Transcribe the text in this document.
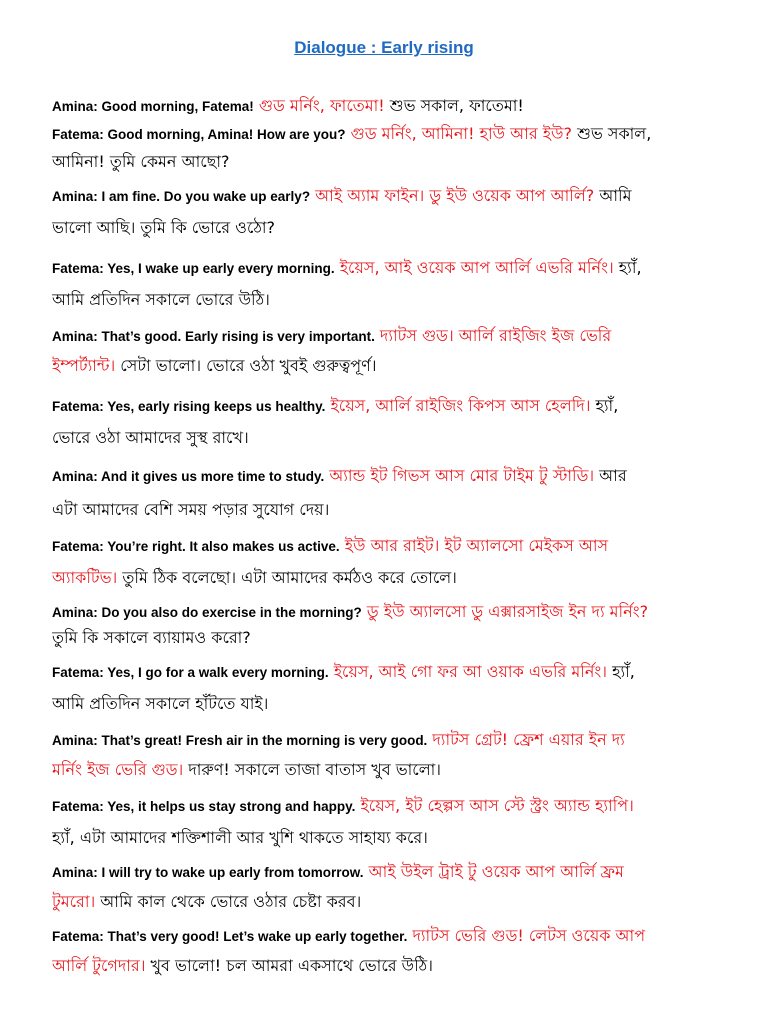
Dialogue : Early rising

Amina: Good morning, Fatema! গুড মর্নিং, ফাতেমা! শুভ সকাল, ফাতেমা!

Fatema: Good morning, Amina! How are you? গুড মর্নিং, আমিনা! হাউ আর ইউ? শুভ সকাল,

আমিনা! তুমি কেমন আছো?

Amina: I am fine. Do you wake up early? আই অ্যাম ফাইন। ডু ইউ ওয়েক আপ আর্লি? আমি

ভালো আছি। তুমি কি ভোরে ওঠো?

Fatema: Yes, I wake up early every morning. ইয়েস, আই ওয়েক আপ আর্লি এভরি মর্নিং। হ্যাঁ,

আমি প্রতিদিন সকালে ভোরে উঠি।

Amina: That’s good. Early rising is very important. দ্যাটস গুড। আর্লি রাইজিং ইজ ভেরি

ইম্পর্ট্যান্ট। সেটা ভালো। ভোরে ওঠা খুবই গুরুত্বপূর্ণ।

Fatema: Yes, early rising keeps us healthy. ইয়েস, আর্লি রাইজিং কিপস আস হেলদি। হ্যাঁ,

ভোরে ওঠা আমাদের সুস্থ রাখে।

Amina: And it gives us more time to study. অ্যান্ড ইট গিভস আস মোর টাইম টু স্টাডি। আর

এটা আমাদের বেশি সময় পড়ার সুযোগ দেয়।

Fatema: You’re right. It also makes us active. ইউ আর রাইট। ইট অ্যালসো মেইকস আস

অ্যাকটিভ। তুমি ঠিক বলেছো। এটা আমাদের কর্মঠও করে তোলে।

Amina: Do you also do exercise in the morning? ডু ইউ অ্যালসো ডু এক্সারসাইজ ইন দ্য মর্নিং?

তুমি কি সকালে ব্যায়ামও করো?

Fatema: Yes, I go for a walk every morning. ইয়েস, আই গো ফর আ ওয়াক এভরি মর্নিং। হ্যাঁ,

আমি প্রতিদিন সকালে হাঁটতে যাই।

Amina: That’s great! Fresh air in the morning is very good. দ্যাটস গ্রেট! ফ্রেশ এয়ার ইন দ্য

মর্নিং ইজ ভেরি গুড। দারুণ! সকালে তাজা বাতাস খুব ভালো।

Fatema: Yes, it helps us stay strong and happy. ইয়েস, ইট হেল্পস আস স্টে স্ট্রং অ্যান্ড হ্যাপি।

হ্যাঁ, এটা আমাদের শক্তিশালী আর খুশি থাকতে সাহায্য করে।

Amina: I will try to wake up early from tomorrow. আই উইল ট্রাই টু ওয়েক আপ আর্লি ফ্রম

টুমরো। আমি কাল থেকে ভোরে ওঠার চেষ্টা করব।

Fatema: That’s very good! Let’s wake up early together. দ্যাটস ভেরি গুড! লেটস ওয়েক আপ

আর্লি টুগেদার। খুব ভালো! চল আমরা একসাথে ভোরে উঠি।
